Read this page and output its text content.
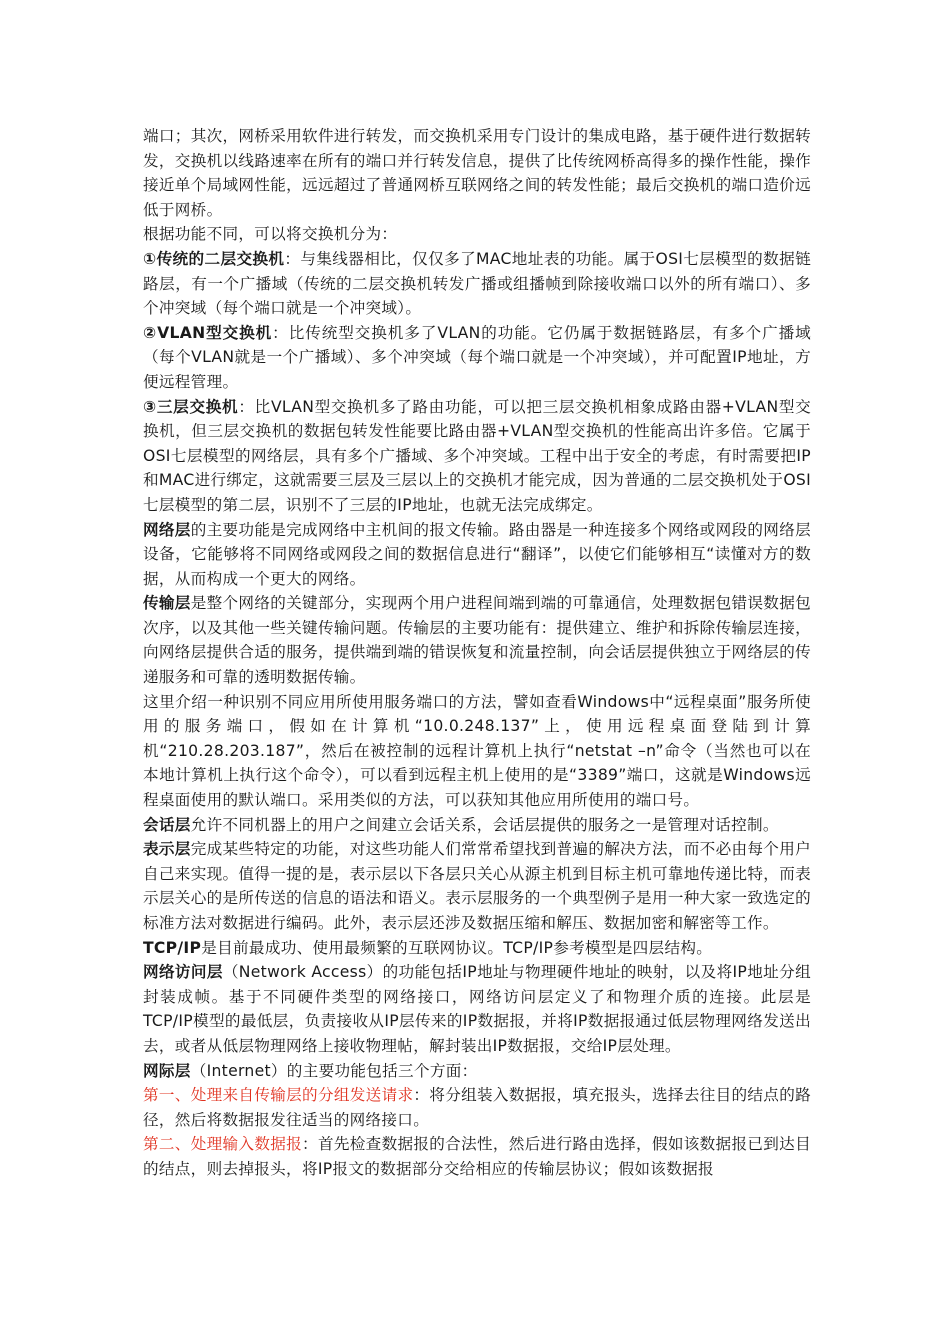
端口；其次，网桥采用软件进行转发，而交换机采用专门设计的集成电路，基于硬件进行数据转发，交换机以线路速率在所有的端口并行转发信息，提供了比传统网桥高得多的操作性能，操作接近单个局域网性能，远远超过了普通网桥互联网络之间的转发性能；最后交换机的端口造价远低于网桥。

根据功能不同，可以将交换机分为：

①传统的二层交换机：与集线器相比，仅仅多了MAC地址表的功能。属于OSI七层模型的数据链路层，有一个广播域（传统的二层交换机转发广播或组播帧到除接收端口以外的所有端口）、多个冲突域（每个端口就是一个冲突域）。

②VLAN型交换机：比传统型交换机多了VLAN的功能。它仍属于数据链路层，有多个广播域（每个VLAN就是一个广播域）、多个冲突域（每个端口就是一个冲突域），并可配置IP地址，方便远程管理。

③三层交换机：比VLAN型交换机多了路由功能，可以把三层交换机相象成路由器+VLAN型交换机，但三层交换机的数据包转发性能要比路由器+VLAN型交换机的性能高出许多倍。它属于OSI七层模型的网络层，具有多个广播域、多个冲突域。工程中出于安全的考虑，有时需要把IP和MAC进行绑定，这就需要三层及三层以上的交换机才能完成，因为普通的二层交换机处于OSI七层模型的第二层，识别不了三层的IP地址，也就无法完成绑定。

网络层的主要功能是完成网络中主机间的报文传输。路由器是一种连接多个网络或网段的网络层设备，它能够将不同网络或网段之间的数据信息进行“翻译”，以使它们能够相互“读懂对方的数据，从而构成一个更大的网络。

传输层是整个网络的关键部分，实现两个用户进程间端到端的可靠通信，处理数据包错误数据包次序，以及其他一些关键传输问题。传输层的主要功能有：提供建立、维护和拆除传输层连接，向网络层提供合适的服务，提供端到端的错误恢复和流量控制，向会话层提供独立于网络层的传递服务和可靠的透明数据传输。

这里介绍一种识别不同应用所使用服务端口的方法，譬如查看Windows中“远程桌面”服务所使用的服务端口，假如在计算机“10.0.248.137”上，使用远程桌面登陆到计算机“210.28.203.187”，然后在被控制的远程计算机上执行“netstat –n”命令（当然也可以在本地计算机上执行这个命令），可以看到远程主机上使用的是“3389”端口，这就是Windows远程桌面使用的默认端口。采用类似的方法，可以获知其他应用所使用的端口号。

会话层允许不同机器上的用户之间建立会话关系，会话层提供的服务之一是管理对话控制。

表示层完成某些特定的功能，对这些功能人们常常希望找到普遍的解决方法，而不必由每个用户自己来实现。值得一提的是，表示层以下各层只关心从源主机到目标主机可靠地传递比特，而表示层关心的是所传送的信息的语法和语义。表示层服务的一个典型例子是用一种大家一致选定的标准方法对数据进行编码。此外，表示层还涉及数据压缩和解压、数据加密和解密等工作。

TCP/IP是目前最成功、使用最频繁的互联网协议。TCP/IP参考模型是四层结构。

网络访问层（Network Access）的功能包括IP地址与物理硬件地址的映射，以及将IP地址分组封装成帧。基于不同硬件类型的网络接口，网络访问层定义了和物理介质的连接。此层是TCP/IP模型的最低层，负责接收从IP层传来的IP数据报，并将IP数据报通过低层物理网络发送出去，或者从低层物理网络上接收物理帖，解封装出IP数据报，交给IP层处理。

网际层（Internet）的主要功能包括三个方面：

第一、处理来自传输层的分组发送请求：将分组装入数据报，填充报头，选择去往目的结点的路径，然后将数据报发往适当的网络接口。

第二、处理输入数据报：首先检查数据报的合法性，然后进行路由选择，假如该数据报已到达目的结点，则去掉报头，将IP报文的数据部分交给相应的传输层协议；假如该数据报
